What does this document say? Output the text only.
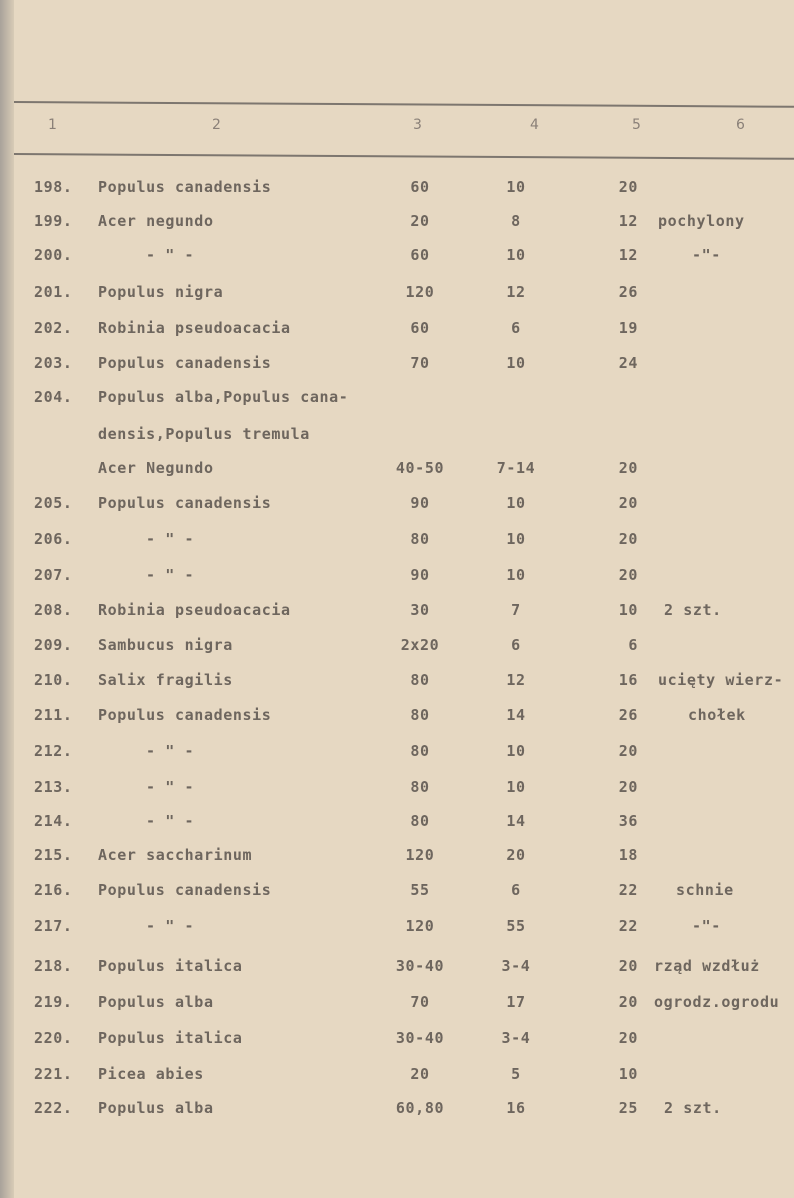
1	2	3	4	5	6
198.	Populus canadensis	60	10	20
199.	Acer negundo	20	8	12 pochylony
200.	- " -	60	10	12	-"-
201.	Populus nigra	120	12	26
202.	Robinia pseudoacacia	60	6	19
203.	Populus canadensis	70	10	24
204.	Populus alba,Populus cana-
densis,Populus tremula
Acer Negundo	40-50	7-14	20
205.	Populus canadensis	90	10	20
206.	- " -	80	10	20
207.	- " -	90	10	20
208.	Robinia pseudoacacia	30	7	10 2 szt.
209.	Sambucus nigra	2x20	6	6
210.	Salix fragilis	80	12	16 ucięty wierz-
211.	Populus canadensis	80	14	26	chołek
212.	- " -	80	10	20
213.	- " -	80	10	20
214.	- " -	80	14	36
215.	Acer saccharinum	120	20	18
216.	Populus canadensis	55	6	22	schnie
217.	- " -	120	55	22	-"-
218.	Populus italica	30-40	3-4	20 rząd wzdłuż
219.	Populus alba	70	17	20 ogrodz.ogrodu
220.	Populus italica	30-40	3-4	20
221.	Picea abies	20	5	10
222.	Populus alba	60,80	16	25 2 szt.
